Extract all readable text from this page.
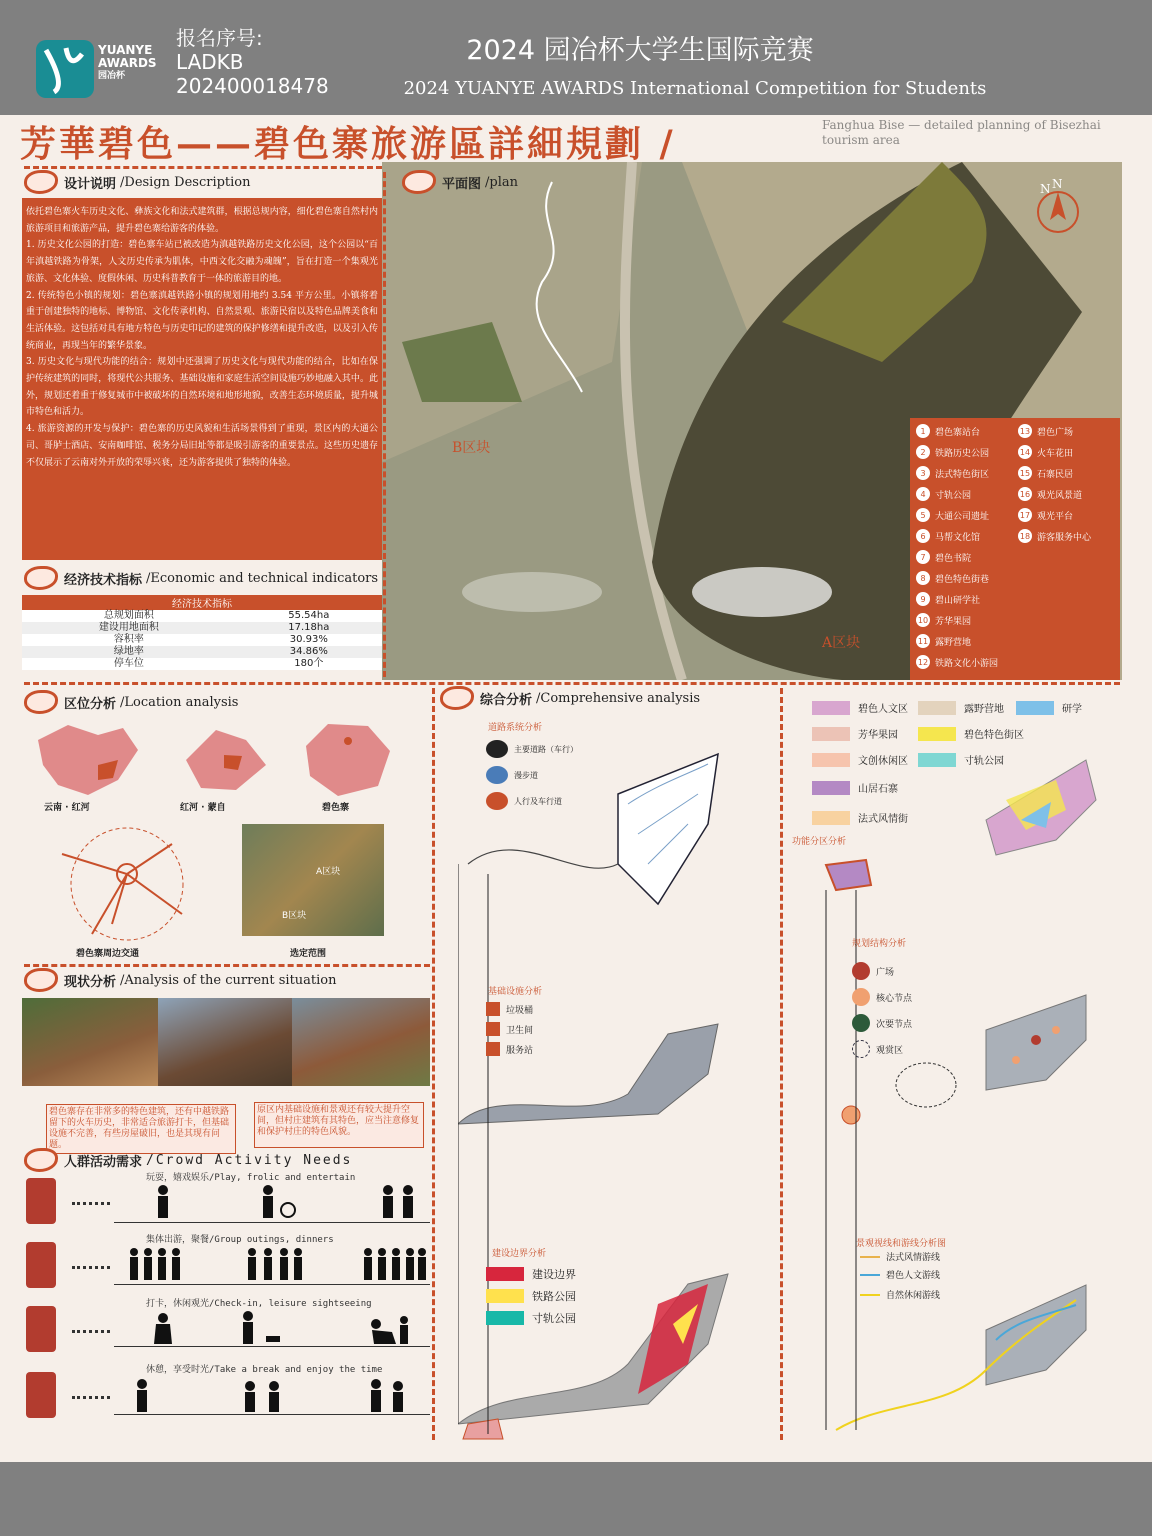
YUANYE
AWARDS
园冶杯
报名序号:
LADKB
202400018478
2024 园冶杯大学生国际竞赛
2024 YUANYE AWARDS International Competition for Students
芳華碧色——碧色寨旅游區詳細規劃 /	Fanghua Bise — detailed planning of Bisezhai tourism area
设计说明 /Design Description

依托碧色寨火车历史文化、彝族文化和法式建筑群，根据总规内容，细化碧色寨自然村内旅游项目和旅游产品，提升碧色寨给游客的体验。

1. 历史文化公园的打造：碧色寨车站已被改造为滇越铁路历史文化公园，这个公园以“百年滇越铁路为骨架，人文历史传承为肌体，中西文化交融为魂魄”，旨在打造一个集观光旅游、文化体验、度假休闲、历史科普教育于一体的旅游目的地。

2. 传统特色小镇的规划：碧色寨滇越铁路小镇的规划用地约 3.54 平方公里。小镇将着重于创建独特的地标、博物馆、文化传承机构、自然景观、旅游民宿以及特色品牌美食和生活体验。这包括对具有地方特色与历史印记的建筑的保护修缮和提升改造，以及引入传统商业，再现当年的繁华景象。

3. 历史文化与现代功能的结合：规划中还强调了历史文化与现代功能的结合，比如在保护传统建筑的同时，将现代公共服务、基础设施和家庭生活空间设施巧妙地融入其中。此外，规划还着重于修复城市中被破坏的自然环境和地形地貌，改善生态环境质量，提升城市特色和活力。

4. 旅游资源的开发与保护：碧色寨的历史风貌和生活场景得到了重现，景区内的大通公司、哥胪士酒店、安南咖啡馆、税务分局旧址等都是吸引游客的重要景点。这些历史遗存不仅展示了云南对外开放的荣辱兴衰，还为游客提供了独特的体验。

经济技术指标 /Economic and technical indicators
经济技术指标	
总规划面积	55.54ha
建设用地面积	17.18ha
容积率	30.93%
绿地率	34.86%
停车位	180个
B区块
A区块
N
平面图 /plan	N
1	碧色寨站台
2	铁路历史公园
3	法式特色街区
4	寸轨公园
5	大通公司遗址
6	马帮文化馆
7	碧色书院
8	碧色特色街巷
9	碧山研学社
10 芳华果园
11 露野营地
12 铁路文化小游园
13 碧色广场
14 火车花田
15 石寨民居
16 观光风景道
17 观光平台
18 游客服务中心
区位分析 /Location analysis
云南 · 红河	红河 · 蒙自	碧色寨
碧色寨周边交通
A区块
B区块
选定范围
现状分析 /Analysis of the current situation
碧色寨存在非常多的特色建筑，还有中越铁路留下的火车历史，非常适合旅游打卡，但基础设施不完善，有些房屋破旧，也是其现有问题。
原区内基础设施和景观还有较大提升空间，但村庄建筑有其特色，应当注意修复和保护村庄的特色风貌。
人群活动需求 /Crowd Activity Needs
玩耍，嬉戏娱乐/Play, frolic and entertain
集体出游，聚餐/Group outings, dinners
打卡，休闲观光/Check-in, leisure sightseeing
休憩，享受时光/Take a break and enjoy the time
综合分析 /Comprehensive analysis
道路系统分析
主要道路（车行）
漫步道
人行及车行道
基础设施分析
垃圾桶
卫生间
服务站
建设边界分析
建设边界
铁路公园
寸轨公园
碧色人文区	露野营地	研学
芳华果园	碧色特色街区
文创休闲区	寸轨公园
山居石寨
法式风情街
功能分区分析
规划结构分析
广场
核心节点
次要节点
观赏区
景观视线和游线分析图
法式风情游线
碧色人文游线
自然休闲游线
